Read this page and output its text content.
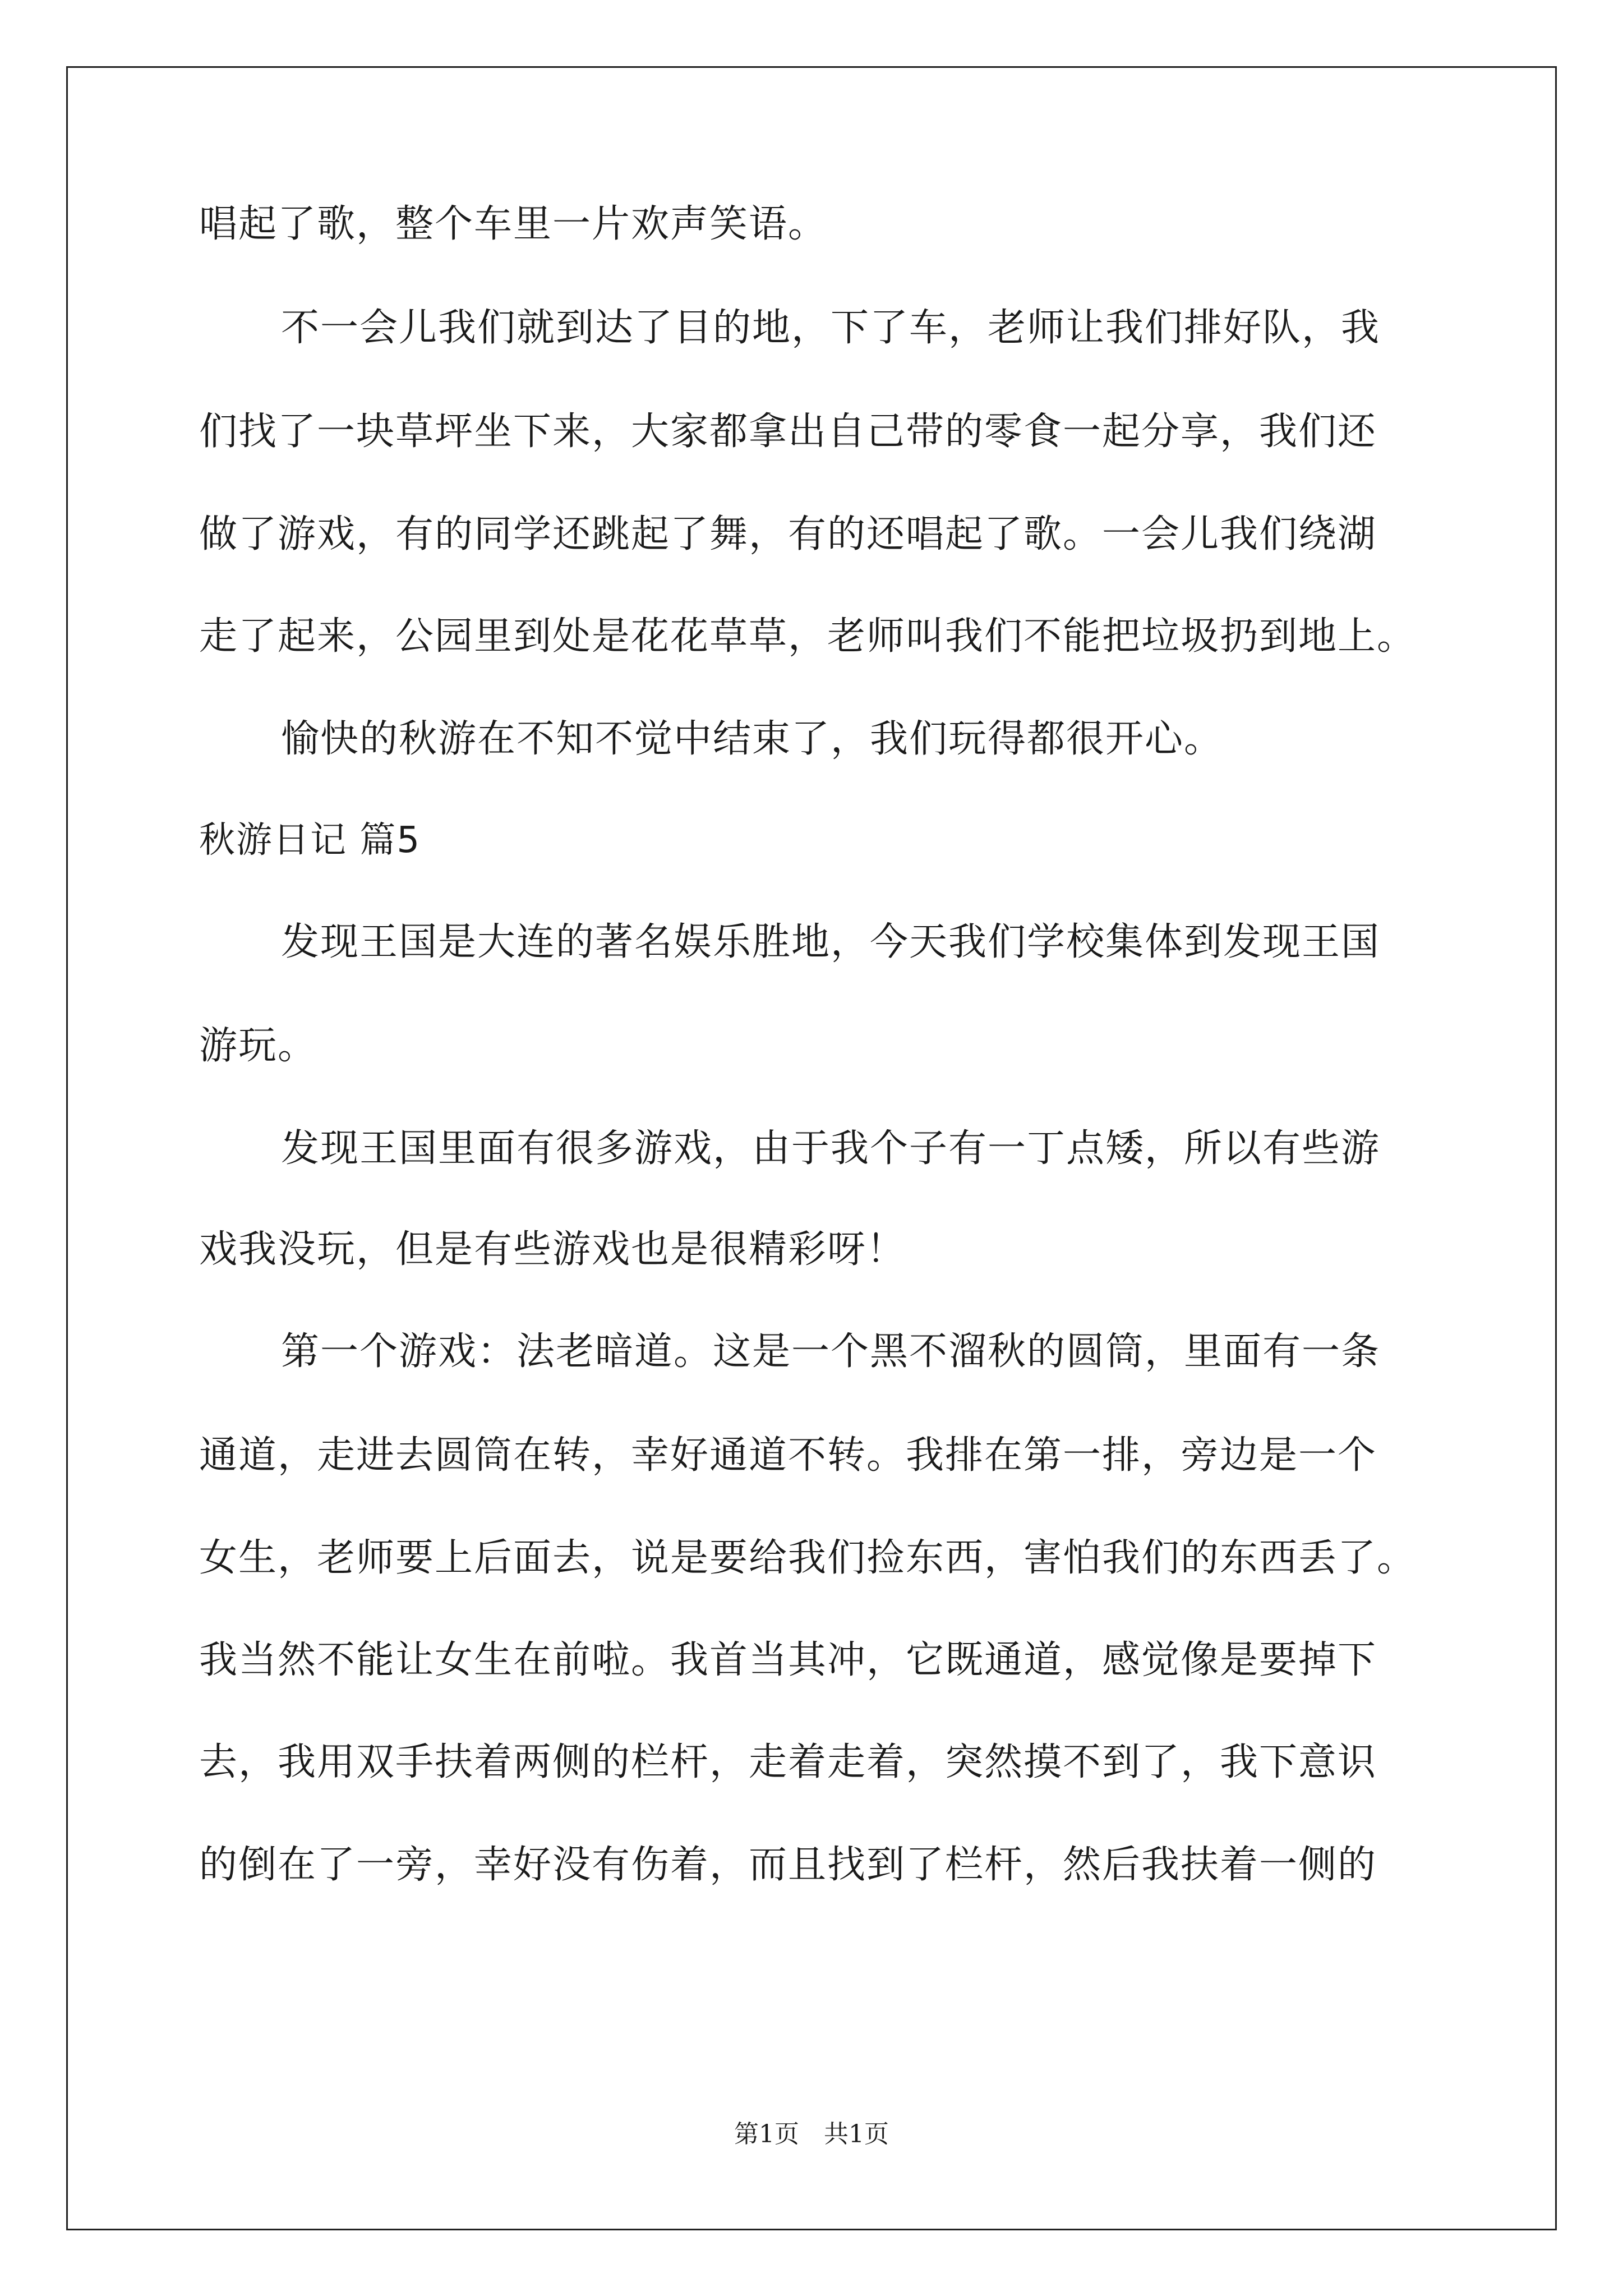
唱起了歌，整个车里一片欢声笑语。
不一会儿我们就到达了目的地，下了车，老师让我们排好队，我
们找了一块草坪坐下来，大家都拿出自己带的零食一起分享，我们还
做了游戏，有的同学还跳起了舞，有的还唱起了歌。一会儿我们绕湖
走了起来，公园里到处是花花草草，老师叫我们不能把垃圾扔到地上。
愉快的秋游在不知不觉中结束了，我们玩得都很开心。
秋游日记 篇5
发现王国是大连的著名娱乐胜地，今天我们学校集体到发现王国
游玩。
发现王国里面有很多游戏，由于我个子有一丁点矮，所以有些游
戏我没玩，但是有些游戏也是很精彩呀！
第一个游戏：法老暗道。这是一个黑不溜秋的圆筒，里面有一条
通道，走进去圆筒在转，幸好通道不转。我排在第一排，旁边是一个
女生，老师要上后面去，说是要给我们捡东西，害怕我们的东西丢了。
我当然不能让女生在前啦。我首当其冲，它既通道，感觉像是要掉下
去，我用双手扶着两侧的栏杆，走着走着，突然摸不到了，我下意识
的倒在了一旁，幸好没有伤着，而且找到了栏杆，然后我扶着一侧的
第1页　共1页
